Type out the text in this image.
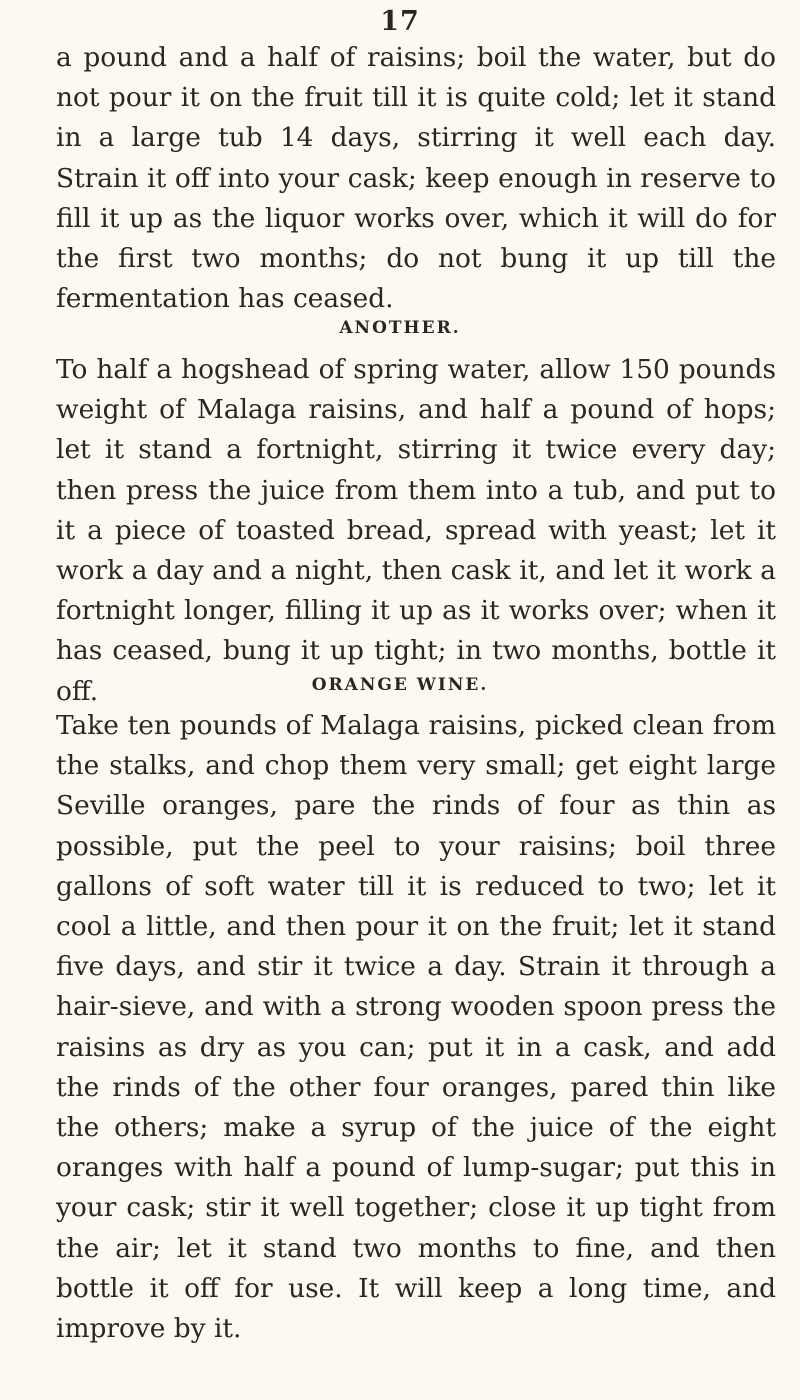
17

a pound and a half of raisins; boil the water, but do not pour it on the fruit till it is quite cold; let it stand in a large tub 14 days, stirring it well each day. Strain it off into your cask; keep enough in reserve to fill it up as the liquor works over, which it will do for the first two months; do not bung it up till the fermentation has ceased.

ANOTHER.

To half a hogshead of spring water, allow 150 pounds weight of Malaga raisins, and half a pound of hops; let it stand a fortnight, stirring it twice every day; then press the juice from them into a tub, and put to it a piece of toasted bread, spread with yeast; let it work a day and a night, then cask it, and let it work a fortnight longer, filling it up as it works over; when it has ceased, bung it up tight; in two months, bottle it off.	ORANGE WINE.

Take ten pounds of Malaga raisins, picked clean from the stalks, and chop them very small; get eight large Seville oranges, pare the rinds of four as thin as possible, put the peel to your raisins; boil three gallons of soft water till it is reduced to two; let it cool a little, and then pour it on the fruit; let it stand five days, and stir it twice a day. Strain it through a hair-sieve, and with a strong wooden spoon press the raisins as dry as you can; put it in a cask, and add the rinds of the other four oranges, pared thin like the others; make a syrup of the juice of the eight oranges with half a pound of lump-sugar; put this in your cask; stir it well together; close it up tight from the air; let it stand two months to fine, and then bottle it off for use. It will keep a long time, and improve by it.
